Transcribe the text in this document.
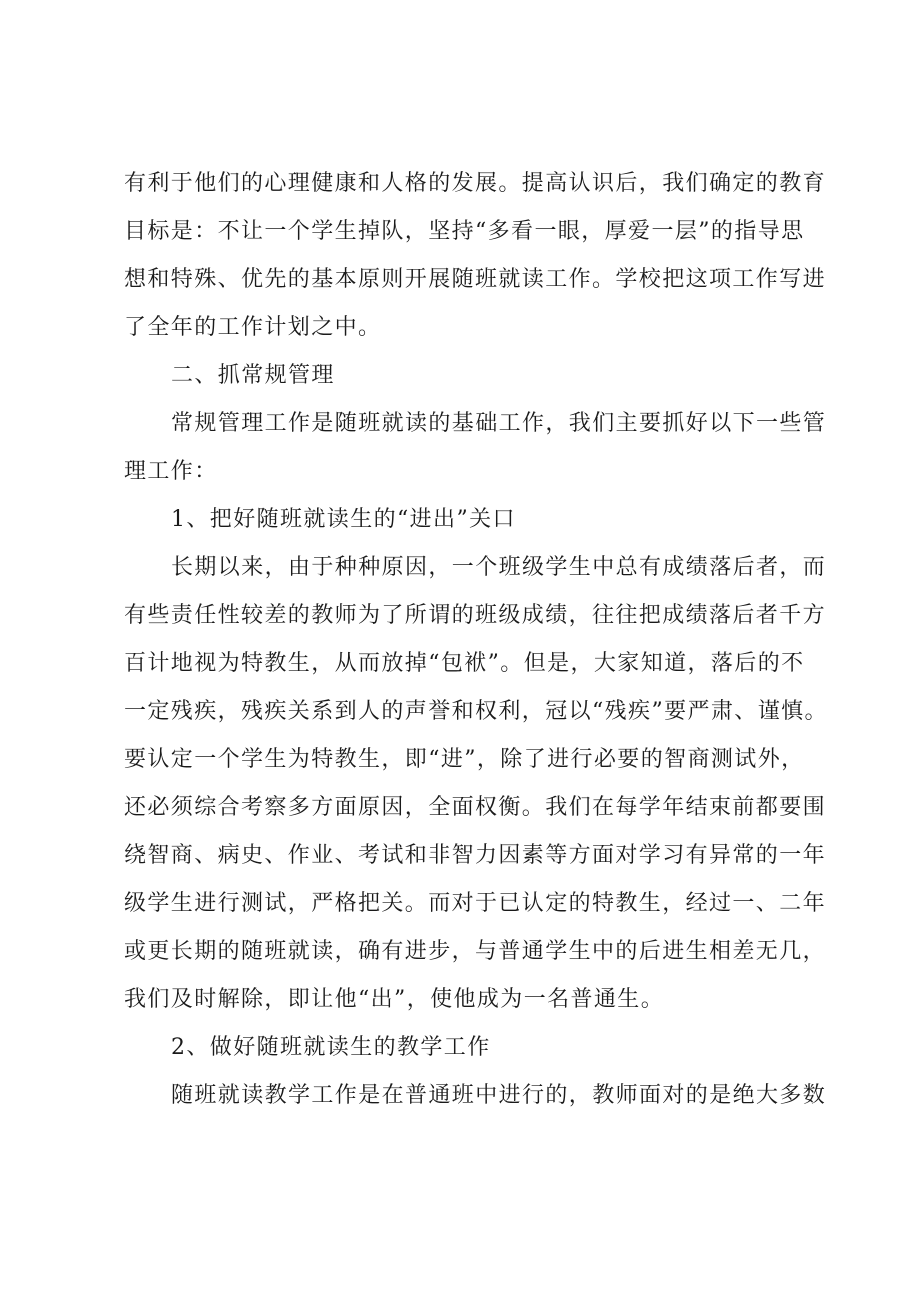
有利于他们的心理健康和人格的发展。提高认识后，我们确定的教育
目标是：不让一个学生掉队，坚持“多看一眼，厚爱一层”的指导思
想和特殊、优先的基本原则开展随班就读工作。学校把这项工作写进
了全年的工作计划之中。
二、抓常规管理
常规管理工作是随班就读的基础工作，我们主要抓好以下一些管
理工作：
1、把好随班就读生的“进出”关口
长期以来，由于种种原因，一个班级学生中总有成绩落后者，而
有些责任性较差的教师为了所谓的班级成绩，往往把成绩落后者千方
百计地视为特教生，从而放掉“包袱”。但是，大家知道，落后的不
一定残疾，残疾关系到人的声誉和权利，冠以“残疾”要严肃、谨慎。
要认定一个学生为特教生，即“进”，除了进行必要的智商测试外，
还必须综合考察多方面原因，全面权衡。我们在每学年结束前都要围
绕智商、病史、作业、考试和非智力因素等方面对学习有异常的一年
级学生进行测试，严格把关。而对于已认定的特教生，经过一、二年
或更长期的随班就读，确有进步，与普通学生中的后进生相差无几，
我们及时解除，即让他“出”，使他成为一名普通生。
2、做好随班就读生的教学工作
随班就读教学工作是在普通班中进行的，教师面对的是绝大多数
